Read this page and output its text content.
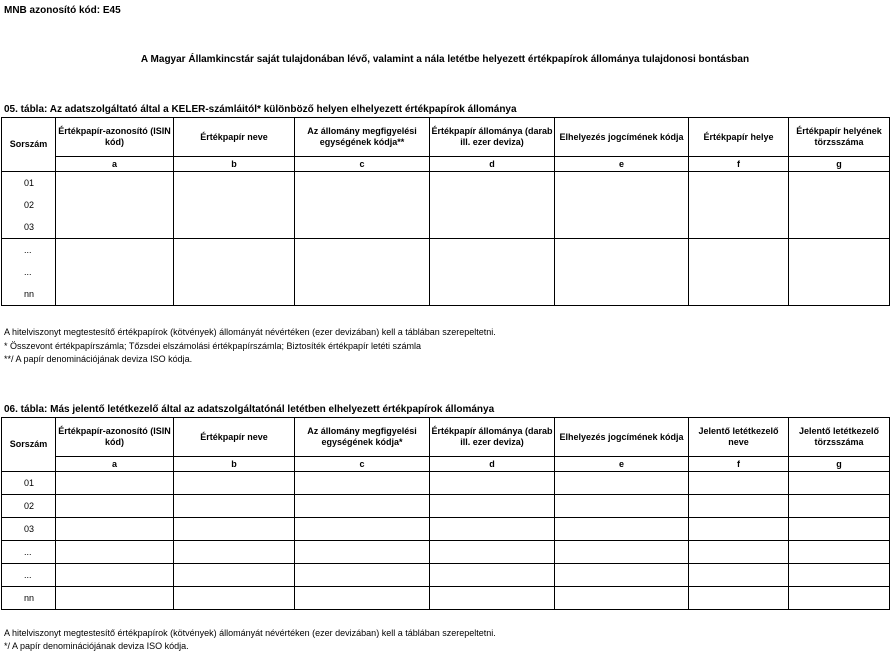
MNB azonosító kód: E45
A Magyar Államkincstár saját tulajdonában lévő, valamint a nála letétbe helyezett értékpapírok állománya tulajdonosi bontásban
05. tábla: Az adatszolgáltató által a KELER-számláitól* különböző helyen elhelyezett értékpapírok állománya
Sorszám	Értékpapír-azonosító (ISIN kód)	Értékpapír neve	Az állomány megfigyelési egységének kódja**	Értékpapír állománya (darab ill. ezer deviza)	Elhelyezés jogcímének kódja	Értékpapír helye	Értékpapír helyének törzsszáma
	a	b	c	d	e	f	g
01							
02							
03							
...							
...							
nn							
A hitelviszonyt megtestesítő értékpapírok (kötvények) állományát névértéken (ezer devizában) kell a táblában szerepeltetni.
* Összevont értékpapírszámla; Tőzsdei elszámolási értékpapírszámla; Biztosíték értékpapír letéti számla
**/ A papír denominációjának deviza ISO kódja.
06. tábla: Más jelentő letétkezelő által az adatszolgáltatónál letétben elhelyezett értékpapírok állománya
Sorszám	Értékpapír-azonosító (ISIN kód)	Értékpapír neve	Az állomány megfigyelési egységének kódja*	Értékpapír állománya (darab ill. ezer deviza)	Elhelyezés jogcímének kódja	Jelentő letétkezelő neve	Jelentő letétkezelő törzsszáma
	a	b	c	d	e	f	g
01							
02							
03							
...							
...							
nn							
A hitelviszonyt megtestesítő értékpapírok (kötvények) állományát névértéken (ezer devizában) kell a táblában szerepeltetni.
*/ A papír denominációjának deviza ISO kódja.
